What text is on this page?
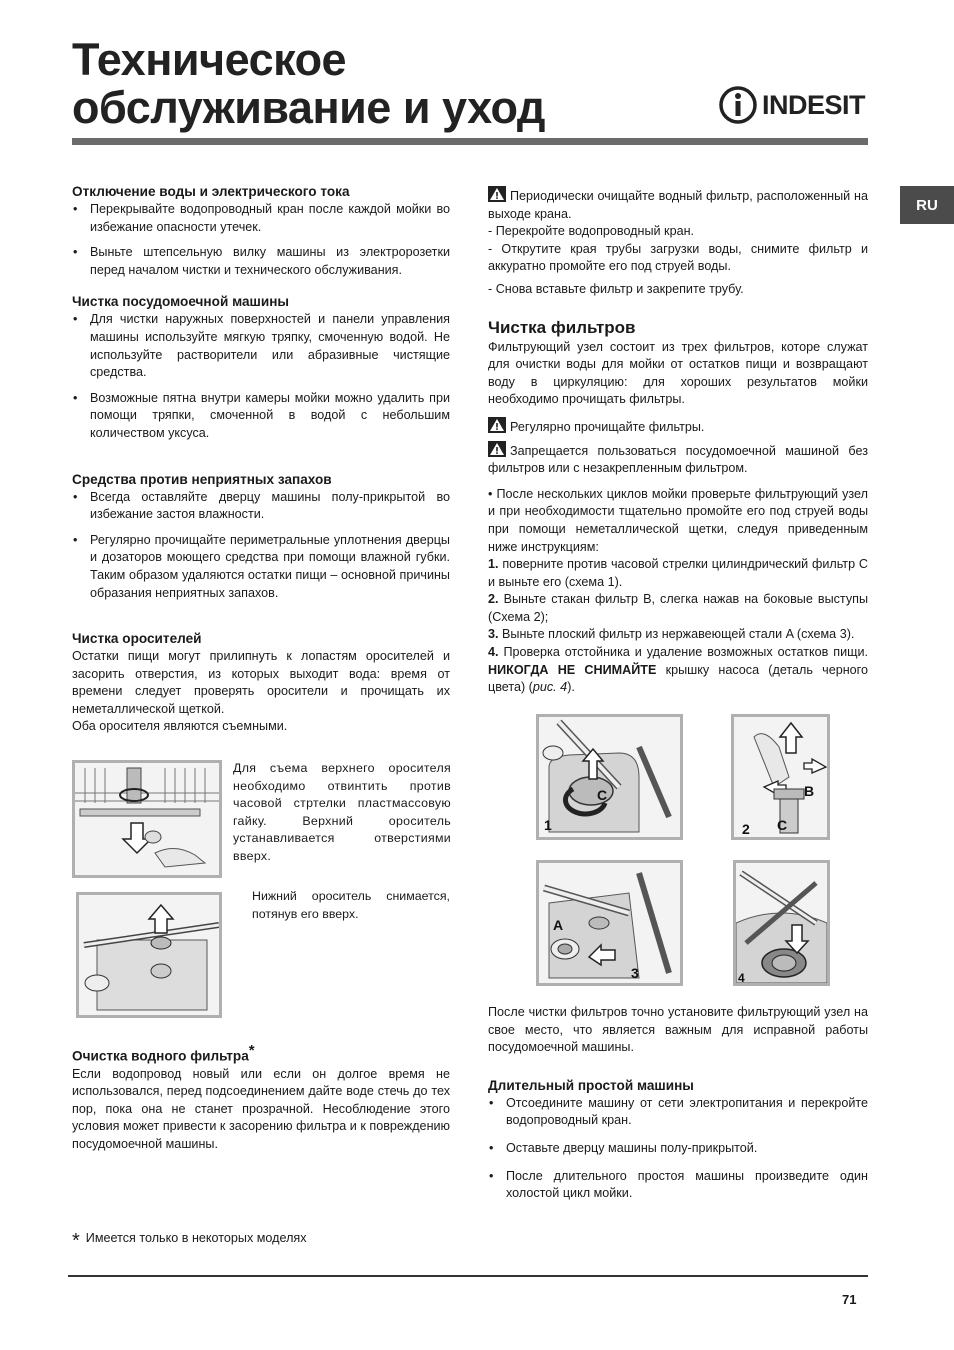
Техническое
обслуживание и уход	INDESIT
RU
Отключение воды и электрического тока
• Перекрывайте водопроводный кран после каждой мойки во избежание опасности утечек.
• Выньте штепсельную вилку машины из электророзетки перед началом чистки и технического обслуживания.
Чистка посудомоечной машины
• Для чистки наружных поверхностей и панели управления машины используйте мягкую тряпку, смоченную водой. Не используйте растворители или абразивные чистящие средства.
• Возможные пятна внутри камеры мойки можно удалить при помощи тряпки, смоченной в водой с небольшим количеством уксуса.
Средства против неприятных запахов
• Всегда оставляйте дверцу машины полу-прикрытой во избежание застоя влажности.
• Регулярно прочищайте периметральные уплотнения дверцы и дозаторов моющего средства при помощи влажной губки. Таким образом удаляются остатки пищи – основной причины образания неприятных запахов.
Чистка оросителей

Остатки пищи могут прилипнуть к лопастям оросителей и засорить отверстия, из которых выходит вода: время от времени следует проверять оросители и прочищать их неметаллической щеткой.

Оба оросителя являются съемными.

Для съема верхнего оросителя необходимо отвинтить против часовой стртелки пластмассовую гайку. Верхний ороситель устанавливается отверстиями вверх.
Нижний ороситель снимается, потянув его вверх.
Очистка водного фильтра*

Если водопровод новый или если он долгое время не использовался, перед подсоединением дайте воде стечь до тех пор, пока она не станет прозрачной. Несоблюдение этого условия может привести к засорению фильтра и к повреждению посудомоечной машины.

Периодически очищайте водный фильтр, расположенный на выходе крана.

- Перекройте водопроводный кран.

- Открутите края трубы загрузки воды, снимите фильтр и аккуратно промойте его под струей воды.

- Снова вставьте фильтр и закрепите трубу.

Чистка фильтров

Фильтрующий узел состоит из трех фильтров, которе служат для очистки воды для мойки от остатков пищи и возвращают воду в циркуляцию: для хороших результатов мойки необходимо прочищать фильтры.

Регулярно прочищайте фильтры.

Запрещается пользоваться посудомоечной машиной без фильтров или с незакрепленным фильтром.

• После нескольких циклов мойки проверьте фильтрующий узел и при необходимости тщательно промойте его под струей воды при помощи неметаллической щетки, следуя приведенным ниже инструкциям:

1. поверните против часовой стрелки цилиндрический фильтр C и выньте его (схема 1).

2. Выньте стакан фильтр B, слегка нажав на боковые выступы (Схема 2);

3. Выньте плоский фильтр из нержавеющей стали A (схема 3).

4. Проверка отстойника и удаление возможных остатков пищи. НИКОГДА НЕ СНИМАЙТЕ крышку насоса (деталь черного цвета) (рис. 4).

C
1
B
C
2
A
3	4

После чистки фильтров точно установите фильтрующий узел на свое место, что является важным для исправной работы посудомоечной машины.

Длительный простой машины
• Отсоедините машину от сети электропитания и перекройте водопроводный кран.
• Оставьте дверцу машины полу-прикрытой.
• После длительного простоя машины произведите один холостой цикл мойки.
* Имеется только в некоторых моделях
71
